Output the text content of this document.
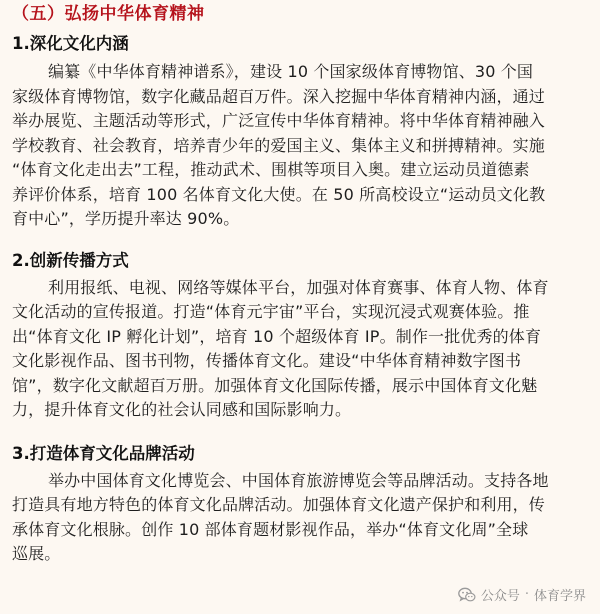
（五）弘扬中华体育精神
1.深化文化内涵
编纂《中华体育精神谱系》，建设 10 个国家级体育博物馆、30 个国
家级体育博物馆，数字化藏品超百万件。深入挖掘中华体育精神内涵，通过
举办展览、主题活动等形式，广泛宣传中华体育精神。将中华体育精神融入
学校教育、社会教育，培养青少年的爱国主义、集体主义和拼搏精神。实施
“体育文化走出去”工程，推动武术、围棋等项目入奥。建立运动员道德素
养评价体系，培育 100 名体育文化大使。在 50 所高校设立“运动员文化教
育中心”，学历提升率达 90%。
2.创新传播方式
利用报纸、电视、网络等媒体平台，加强对体育赛事、体育人物、体育
文化活动的宣传报道。打造“体育元宇宙”平台，实现沉浸式观赛体验。推
出“体育文化 IP 孵化计划”，培育 10 个超级体育 IP。制作一批优秀的体育
文化影视作品、图书刊物，传播体育文化。建设“中华体育精神数字图书
馆”，数字化文献超百万册。加强体育文化国际传播，展示中国体育文化魅
力，提升体育文化的社会认同感和国际影响力。
3.打造体育文化品牌活动
举办中国体育文化博览会、中国体育旅游博览会等品牌活动。支持各地
打造具有地方特色的体育文化品牌活动。加强体育文化遗产保护和利用，传
承体育文化根脉。创作 10 部体育题材影视作品，举办“体育文化周”全球
巡展。
公众号 · 体育学界
